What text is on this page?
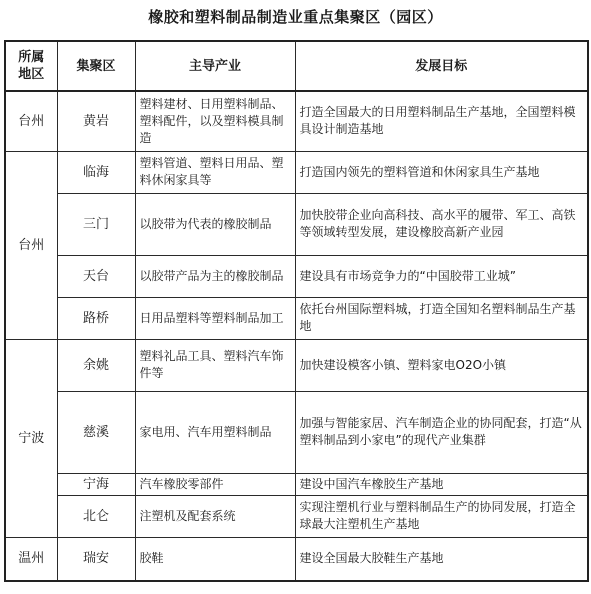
橡胶和塑料制品制造业重点集聚区（园区）
所属
地区	集聚区	主导产业	发展目标
台州	黄岩	塑料建材、日用塑料制品、塑料配件，以及塑料模具制造	打造全国最大的日用塑料制品生产基地，全国塑料模具设计制造基地
台州	临海	塑料管道、塑料日用品、塑料休闲家具等	打造国内领先的塑料管道和休闲家具生产基地
	三门	以胶带为代表的橡胶制品	加快胶带企业向高科技、高水平的履带、军工、高铁等领域转型发展，建设橡胶高新产业园
	天台	以胶带产品为主的橡胶制品	建设具有市场竞争力的“中国胶带工业城”
	路桥	日用品塑料等塑料制品加工	依托台州国际塑料城，打造全国知名塑料制品生产基地
宁波	余姚	塑料礼品工具、塑料汽车饰件等	加快建设模客小镇、塑料家电O2O小镇
	慈溪	家电用、汽车用塑料制品	加强与智能家居、汽车制造企业的协同配套，打造“从塑料制品到小家电”的现代产业集群
	宁海	汽车橡胶零部件	建设中国汽车橡胶生产基地
	北仑	注塑机及配套系统	实现注塑机行业与塑料制品生产的协同发展，打造全球最大注塑机生产基地
温州	瑞安	胶鞋	建设全国最大胶鞋生产基地
